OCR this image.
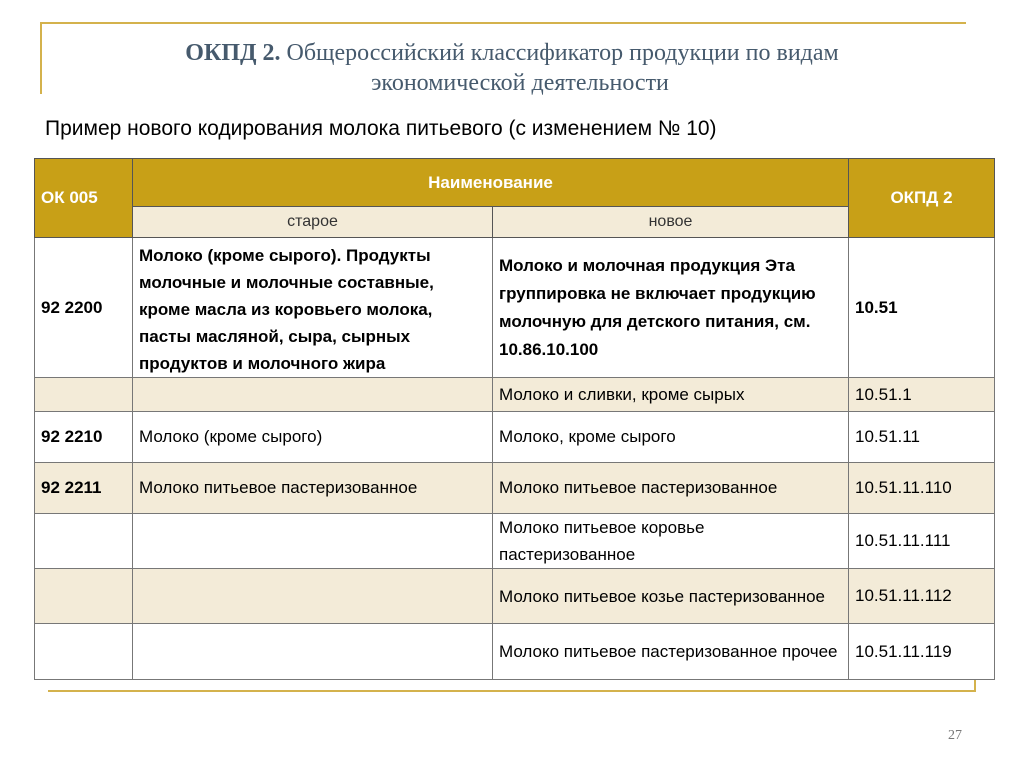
ОКПД 2. Общероссийский классификатор продукции по видам
экономической деятельности
Пример нового кодирования молока питьевого (с изменением № 10)
ОК 005	Наименование		ОКПД 2
	старое	новое	
92 2200	Молоко (кроме сырого). Продукты молочные и молочные составные, кроме масла из коровьего молока, пасты масляной, сыра, сырных продуктов и молочного жира	Молоко и молочная продукция Эта группировка не включает продукцию молочную для детского питания, см. 10.86.10.100	10.51
		Молоко и сливки, кроме сырых	10.51.1
92 2210	Молоко (кроме сырого)	Молоко, кроме сырого	10.51.11
92 2211	Молоко питьевое пастеризованное	Молоко питьевое пастеризованное	10.51.11.110
		Молоко питьевое коровье пастеризованное	10.51.11.111
		Молоко питьевое козье пастеризованное	10.51.11.112
		Молоко питьевое пастеризованное прочее	10.51.11.119
27
